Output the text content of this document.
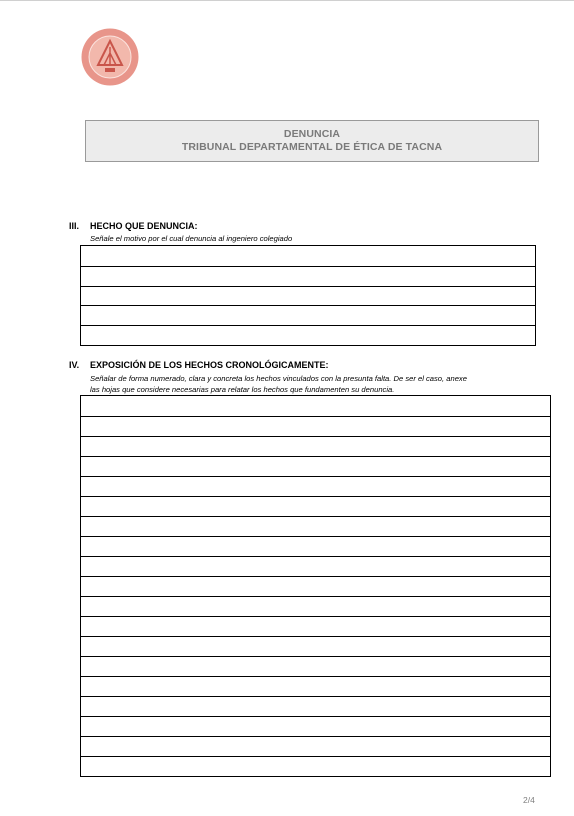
DENUNCIA
TRIBUNAL DEPARTAMENTAL DE ÉTICA DE TACNA
III. HECHO QUE DENUNCIA:
Señale el motivo por el cual denuncia al ingeniero colegiado
IV. EXPOSICIÓN DE LOS HECHOS CRONOLÓGICAMENTE:
Señalar de forma numerado, clara y concreta los hechos vinculados con la presunta falta. De ser el caso, anexe
las hojas que considere necesarias para relatar los hechos que fundamenten su denuncia.
2/4
